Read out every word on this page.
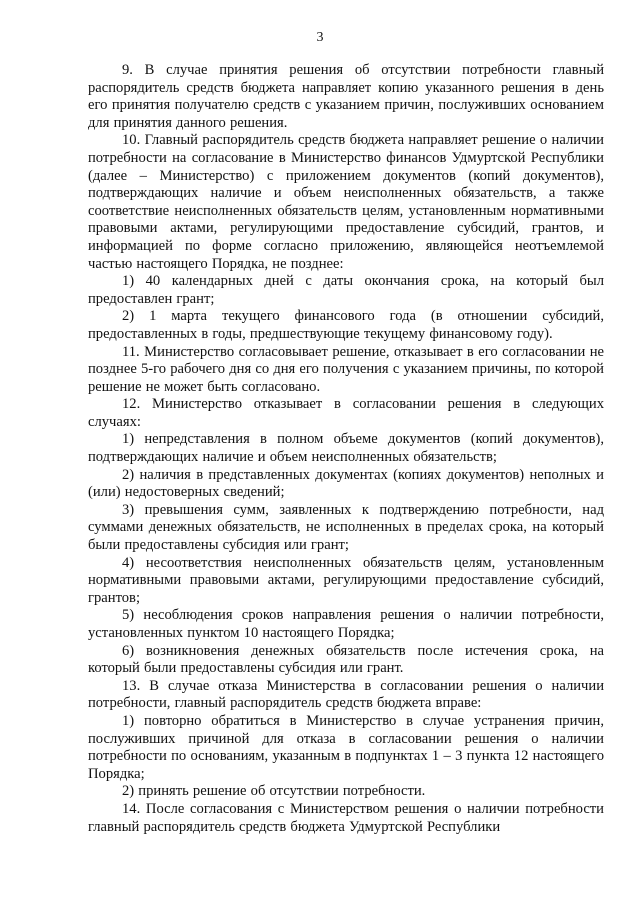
3

9. В случае принятия решения об отсутствии потребности главный распорядитель средств бюджета направляет копию указанного решения в день его принятия получателю средств с указанием причин, послуживших основанием для принятия данного решения.

10. Главный распорядитель средств бюджета направляет решение о наличии потребности на согласование в Министерство финансов Удмуртской Республики (далее – Министерство) с приложением документов (копий документов), подтверждающих наличие и объем неисполненных обязательств, а также соответствие неисполненных обязательств целям, установленным нормативными правовыми актами, регулирующими предоставление субсидий, грантов, и информацией по форме согласно приложению, являющейся неотъемлемой частью настоящего Порядка, не позднее:

1) 40 календарных дней с даты окончания срока, на который был предоставлен грант;

2) 1 марта текущего финансового года (в отношении субсидий, предоставленных в годы, предшествующие текущему финансовому году).

11. Министерство согласовывает решение, отказывает в его согласовании не позднее 5-го рабочего дня со дня его получения с указанием причины, по которой решение не может быть согласовано.

12. Министерство отказывает в согласовании решения в следующих случаях:

1) непредставления в полном объеме документов (копий документов), подтверждающих наличие и объем неисполненных обязательств;

2) наличия в представленных документах (копиях документов) неполных и (или) недостоверных сведений;

3) превышения сумм, заявленных к подтверждению потребности, над суммами денежных обязательств, не исполненных в пределах срока, на который были предоставлены субсидия или грант;

4) несоответствия неисполненных обязательств целям, установленным нормативными правовыми актами, регулирующими предоставление субсидий, грантов;

5) несоблюдения сроков направления решения о наличии потребности, установленных пунктом 10 настоящего Порядка;

6) возникновения денежных обязательств после истечения срока, на который были предоставлены субсидия или грант.

13. В случае отказа Министерства в согласовании решения о наличии потребности, главный распорядитель средств бюджета вправе:

1) повторно обратиться в Министерство в случае устранения причин, послуживших причиной для отказа в согласовании решения о наличии потребности по основаниям, указанным в подпунктах 1 – 3 пункта 12 настоящего Порядка;

2) принять решение об отсутствии потребности.

14. После согласования с Министерством решения о наличии потребности главный распорядитель средств бюджета Удмуртской Республики
